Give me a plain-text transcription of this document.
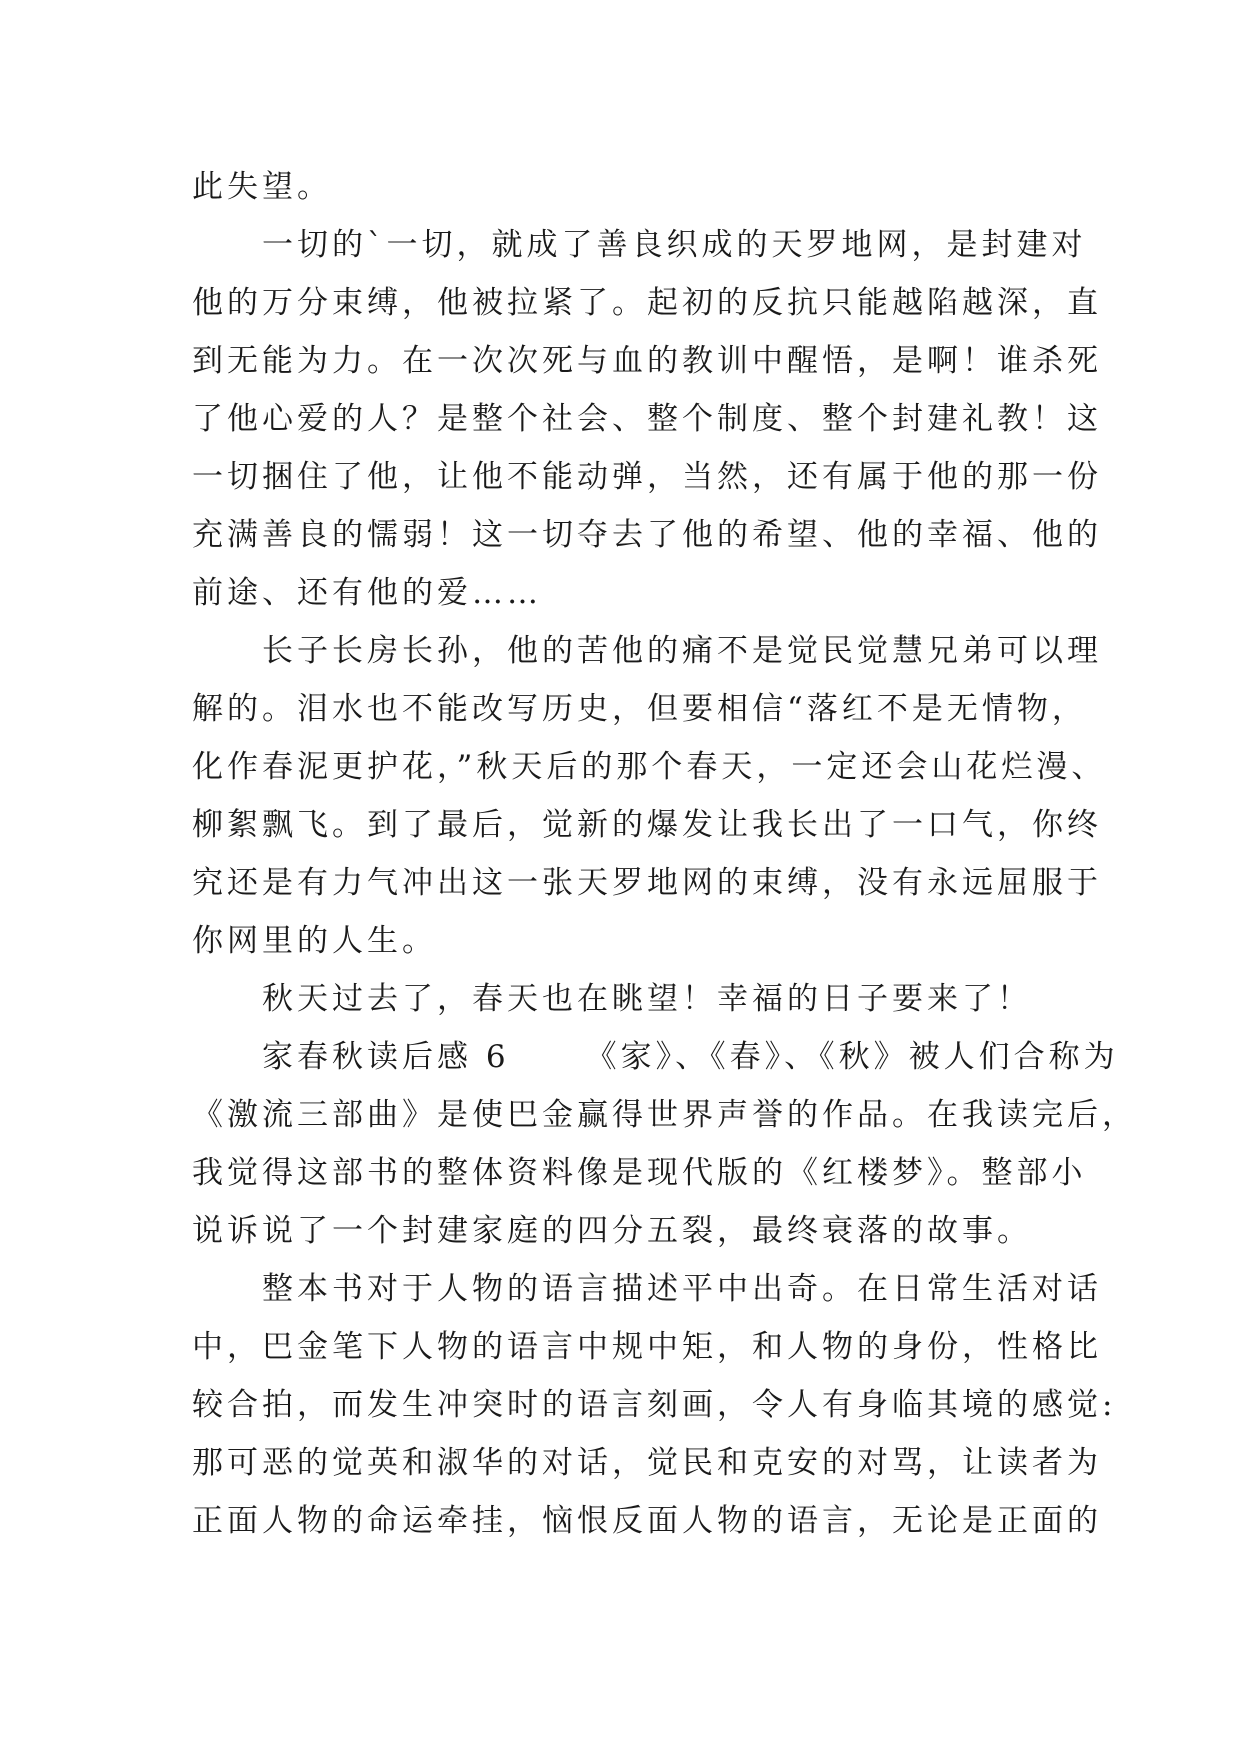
此失望。
一切的`一切，就成了善良织成的天罗地网，是封建对
他的万分束缚，他被拉紧了。起初的反抗只能越陷越深，直
到无能为力。在一次次死与血的教训中醒悟，是啊！谁杀死
了他心爱的人？是整个社会、整个制度、整个封建礼教！这
一切捆住了他，让他不能动弹，当然，还有属于他的那一份
充满善良的懦弱！这一切夺去了他的希望、他的幸福、他的
前途、还有他的爱……
长子长房长孙，他的苦他的痛不是觉民觉慧兄弟可以理
解的。泪水也不能改写历史，但要相信“落红不是无情物，
化作春泥更护花，”秋天后的那个春天，一定还会山花烂漫、
柳絮飘飞。到了最后，觉新的爆发让我长出了一口气，你终
究还是有力气冲出这一张天罗地网的束缚，没有永远屈服于
你网里的人生。
秋天过去了，春天也在眺望！幸福的日子要来了！
家春秋读后感 6 《家》、《春》、《秋》被人们合称为
《激流三部曲》是使巴金赢得世界声誉的作品。在我读完后，
我觉得这部书的整体资料像是现代版的《红楼梦》。整部小
说诉说了一个封建家庭的四分五裂，最终衰落的故事。
整本书对于人物的语言描述平中出奇。在日常生活对话
中，巴金笔下人物的语言中规中矩，和人物的身份，性格比
较合拍，而发生冲突时的语言刻画，令人有身临其境的感觉:
那可恶的觉英和淑华的对话，觉民和克安的对骂，让读者为
正面人物的命运牵挂，恼恨反面人物的语言，无论是正面的
